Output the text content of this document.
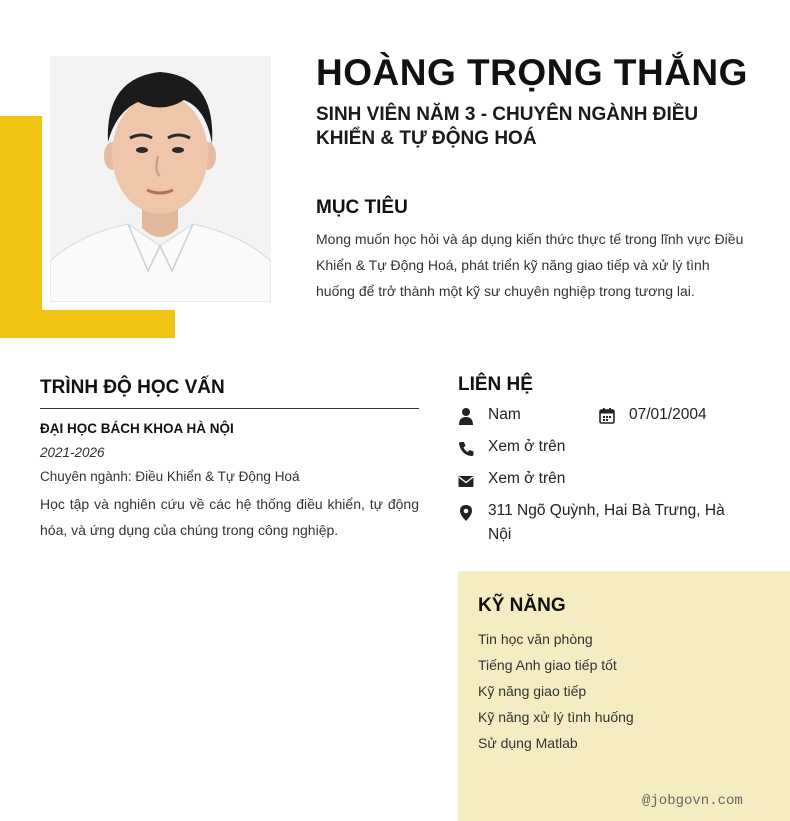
HOÀNG TRỌNG THẮNG
SINH VIÊN NĂM 3 - CHUYÊN NGÀNH ĐIỀU KHIỂN & TỰ ĐỘNG HOÁ
MỤC TIÊU
Mong muốn học hỏi và áp dụng kiến thức thực tế trong lĩnh vực Điều Khiển & Tự Động Hoá, phát triển kỹ năng giao tiếp và xử lý tình huống để trở thành một kỹ sư chuyên nghiệp trong tương lai.
TRÌNH ĐỘ HỌC VẤN
ĐẠI HỌC BÁCH KHOA HÀ NỘI
2021-2026
Chuyên ngành: Điều Khiển & Tự Động Hoá
Học tập và nghiên cứu về các hệ thống điều khiển, tự động hóa, và ứng dụng của chúng trong công nghiệp.
LIÊN HỆ
Nam	07/01/2004
Xem ở trên
Xem ở trên
311 Ngõ Quỳnh, Hai Bà Trưng, Hà Nội
KỸ NĂNG
Tin học văn phòng
Tiếng Anh giao tiếp tốt
Kỹ năng giao tiếp
Kỹ năng xử lý tình huống
Sử dụng Matlab
@jobgovn.com
